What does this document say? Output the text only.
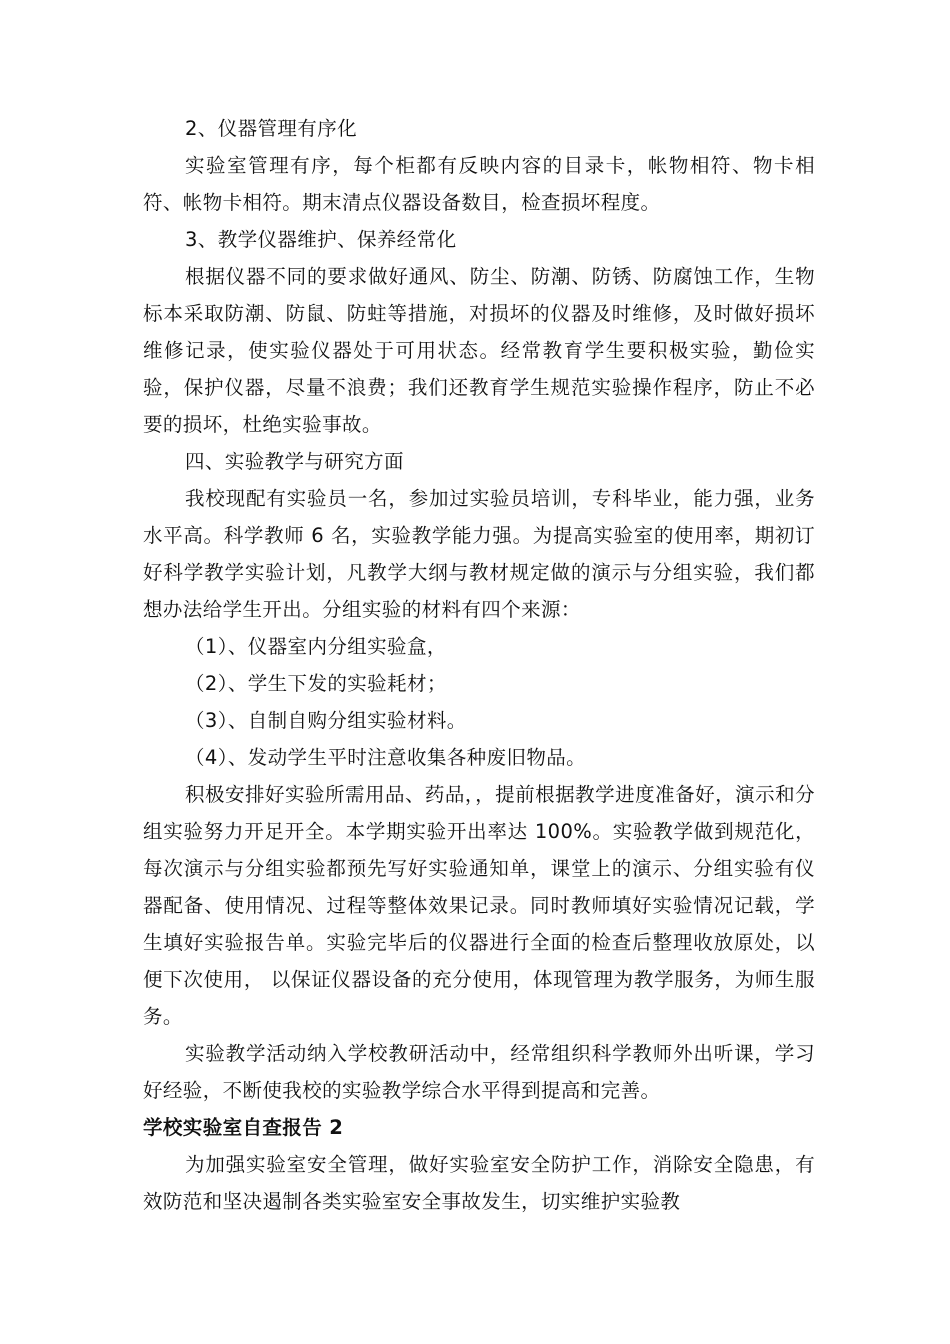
2、仪器管理有序化

实验室管理有序，每个柜都有反映内容的目录卡，帐物相符、物卡相符、帐物卡相符。期末清点仪器设备数目，检查损坏程度。

3、教学仪器维护、保养经常化

根据仪器不同的要求做好通风、防尘、防潮、防锈、防腐蚀工作，生物标本采取防潮、防鼠、防蛀等措施，对损坏的仪器及时维修，及时做好损坏维修记录，使实验仪器处于可用状态。经常教育学生要积极实验，勤俭实验，保护仪器，尽量不浪费；我们还教育学生规范实验操作程序，防止不必要的损坏，杜绝实验事故。

四、实验教学与研究方面

我校现配有实验员一名，参加过实验员培训，专科毕业，能力强，业务水平高。科学教师 6 名，实验教学能力强。为提高实验室的使用率，期初订好科学教学实验计划，凡教学大纲与教材规定做的演示与分组实验，我们都想办法给学生开出。分组实验的材料有四个来源：

（1）、仪器室内分组实验盒，

（2）、学生下发的实验耗材；

（3）、自制自购分组实验材料。

（4）、发动学生平时注意收集各种废旧物品。

积极安排好实验所需用品、药品，，提前根据教学进度准备好，演示和分组实验努力开足开全。本学期实验开出率达 100%。实验教学做到规范化，每次演示与分组实验都预先写好实验通知单，课堂上的演示、分组实验有仪器配备、使用情况、过程等整体效果记录。同时教师填好实验情况记载，学生填好实验报告单。实验完毕后的仪器进行全面的检查后整理收放原处，以便下次使用， 以保证仪器设备的充分使用，体现管理为教学服务，为师生服务。

实验教学活动纳入学校教研活动中，经常组织科学教师外出听课，学习好经验，不断使我校的实验教学综合水平得到提高和完善。

学校实验室自查报告 2

为加强实验室安全管理，做好实验室安全防护工作，消除安全隐患，有效防范和坚决遏制各类实验室安全事故发生，切实维护实验教
